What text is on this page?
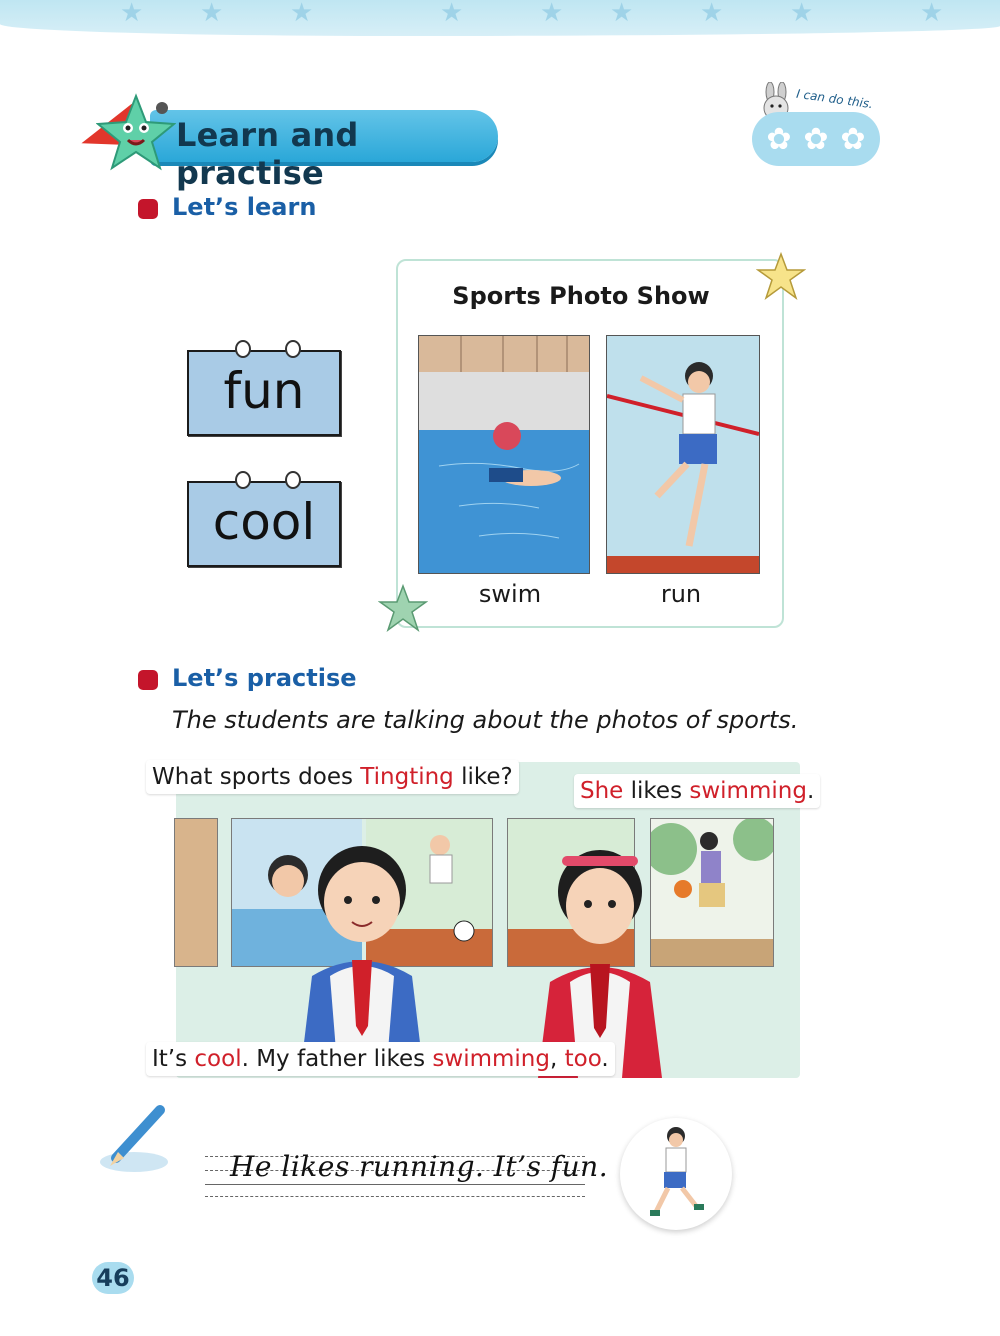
★ ★	★	★	★ ★	★	★	★
Learn and practise
I can do this.
✿ ✿ ✿
Let’s learn
fun
cool
Sports Photo Show
swim	run
Let’s practise
The students are talking about the photos of sports.
What sports does Tingting like?
She likes swimming.
It’s cool. My father likes swimming, too.
He likes running. It’s fun.
46
